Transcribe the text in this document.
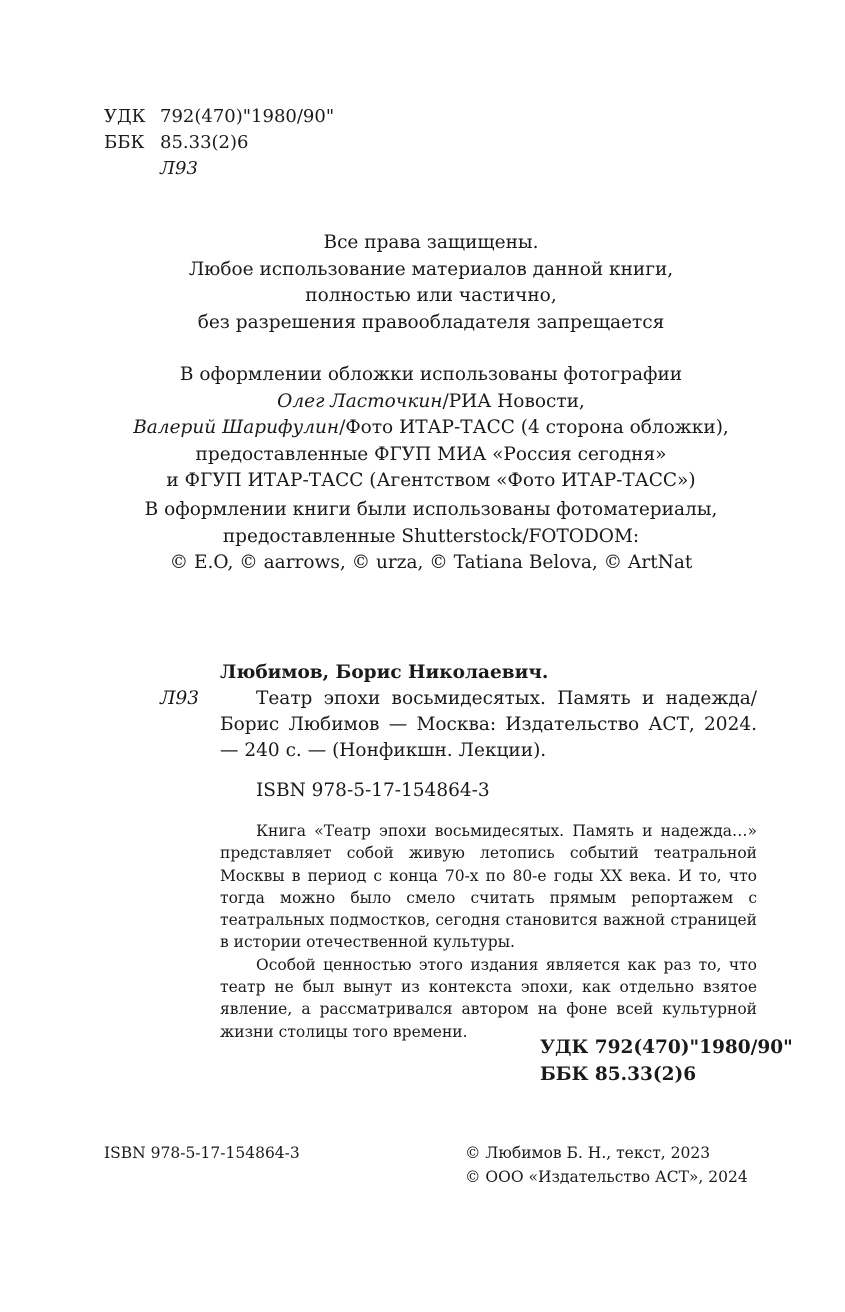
УДК 792(470)"1980/90"
ББК 85.33(2)6
Л93
Все права защищены.
Любое использование материалов данной книги,
полностью или частично,
без разрешения правообладателя запрещается
В оформлении обложки использованы фотографии
Олег Ласточкин/РИА Новости,
Валерий Шарифулин/Фото ИТАР-ТАСС (4 сторона обложки),
предоставленные ФГУП МИА «Россия сегодня»
и ФГУП ИТАР-ТАСС (Агентством «Фото ИТАР-ТАСС»)
В оформлении книги были использованы фотоматериалы,
предоставленные Shutterstock/FOTODOM:
© E.O, © aarrows, © urza, © Tatiana Belova, © ArtNat
Любимов, Борис Николаевич.
Л93	Театр эпохи восьмидесятых. Память и надежда/ Борис Любимов — Москва: Издательство АСТ, 2024. — 240 с. — (Нонфикшн. Лекции).

ISBN 978-5-17-154864-3

Книга «Театр эпохи восьмидесятых. Память и надежда…» представляет собой живую летопись событий театральной Москвы в период с конца 70-х по 80-е годы XX века. И то, что тогда можно было смело считать прямым репортажем с театральных подмостков, сегодня становится важной страницей в истории отечественной культуры.

Особой ценностью этого издания является как раз то, что театр не был вынут из контекста эпохи, как отдельно взятое явление, а рассматривался автором на фоне всей культурной жизни столицы того времени.

УДК 792(470)"1980/90"
ББК 85.33(2)6
ISBN 978-5-17-154864-3	© Любимов Б. Н., текст, 2023
© ООО «Издательство АСТ», 2024
